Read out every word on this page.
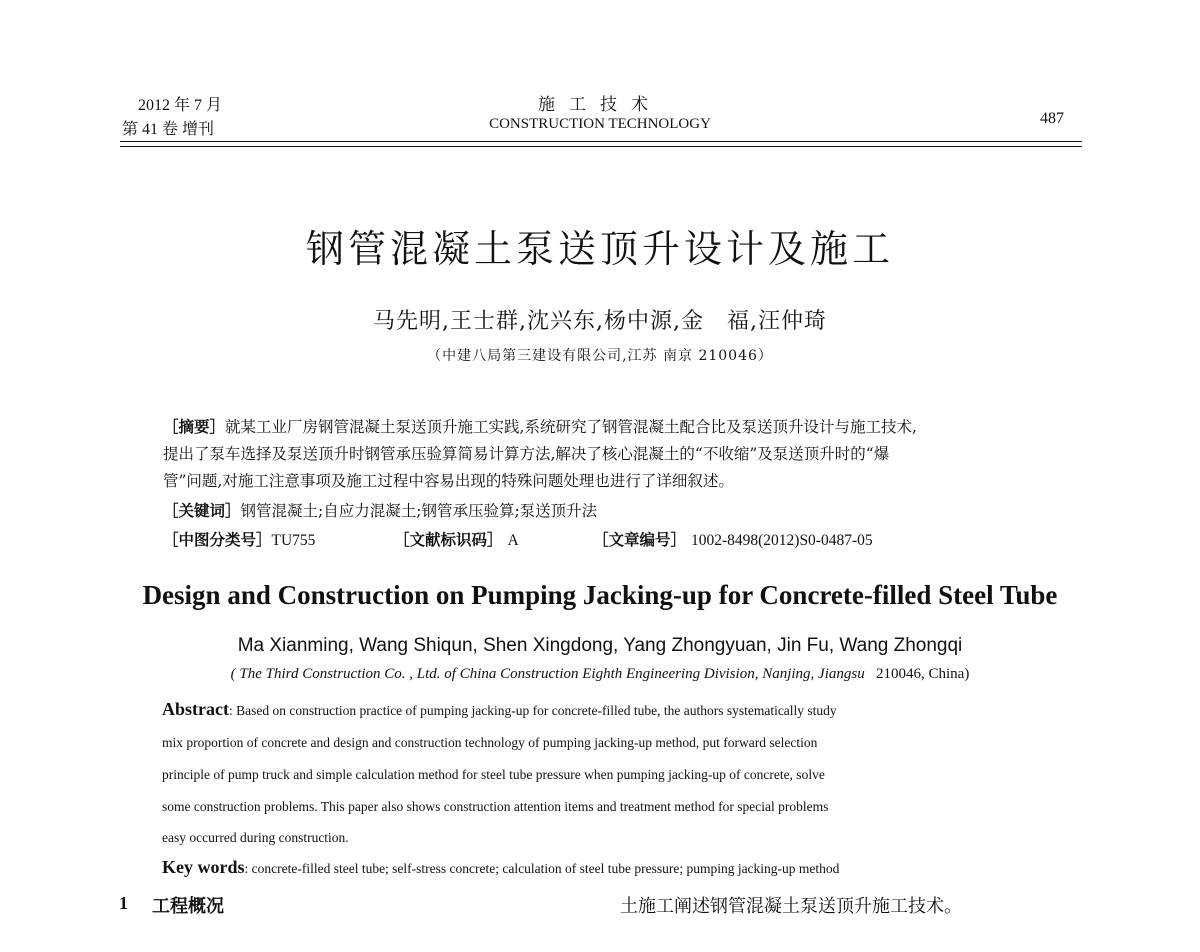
2012 年 7 月
第 41 卷 增刊
施工技术
CONSTRUCTION TECHNOLOGY	487
钢管混凝土泵送顶升设计及施工
马先明,王士群,沈兴东,杨中源,金　福,汪仲琦
（中建八局第三建设有限公司,江苏 南京 210046）
［摘要］就某工业厂房钢管混凝土泵送顶升施工实践,系统研究了钢管混凝土配合比及泵送顶升设计与施工技术,
提出了泵车选择及泵送顶升时钢管承压验算简易计算方法,解决了核心混凝土的“不收缩”及泵送顶升时的“爆
管”问题,对施工注意事项及施工过程中容易出现的特殊问题处理也进行了详细叙述。
［关键词］钢管混凝土;自应力混凝土;钢管承压验算;泵送顶升法
［中图分类号］TU755	［文献标识码］ A	［文章编号］ 1002-8498(2012)S0-0487-05
Design and Construction on Pumping Jacking-up for Concrete-filled Steel Tube
Ma Xianming, Wang Shiqun, Shen Xingdong, Yang Zhongyuan, Jin Fu, Wang Zhongqi
( The Third Construction Co. , Ltd. of China Construction Eighth Engineering Division, Nanjing, Jiangsu 210046, China)
Abstract: Based on construction practice of pumping jacking-up for concrete-filled tube, the authors systematically study
mix proportion of concrete and design and construction technology of pumping jacking-up method, put forward selection
principle of pump truck and simple calculation method for steel tube pressure when pumping jacking-up of concrete, solve
some construction problems. This paper also shows construction attention items and treatment method for special problems
easy occurred during construction.
Key words: concrete-filled steel tube; self-stress concrete; calculation of steel tube pressure; pumping jacking-up method
1 工程概况	土施工阐述钢管混凝土泵送顶升施工技术。
